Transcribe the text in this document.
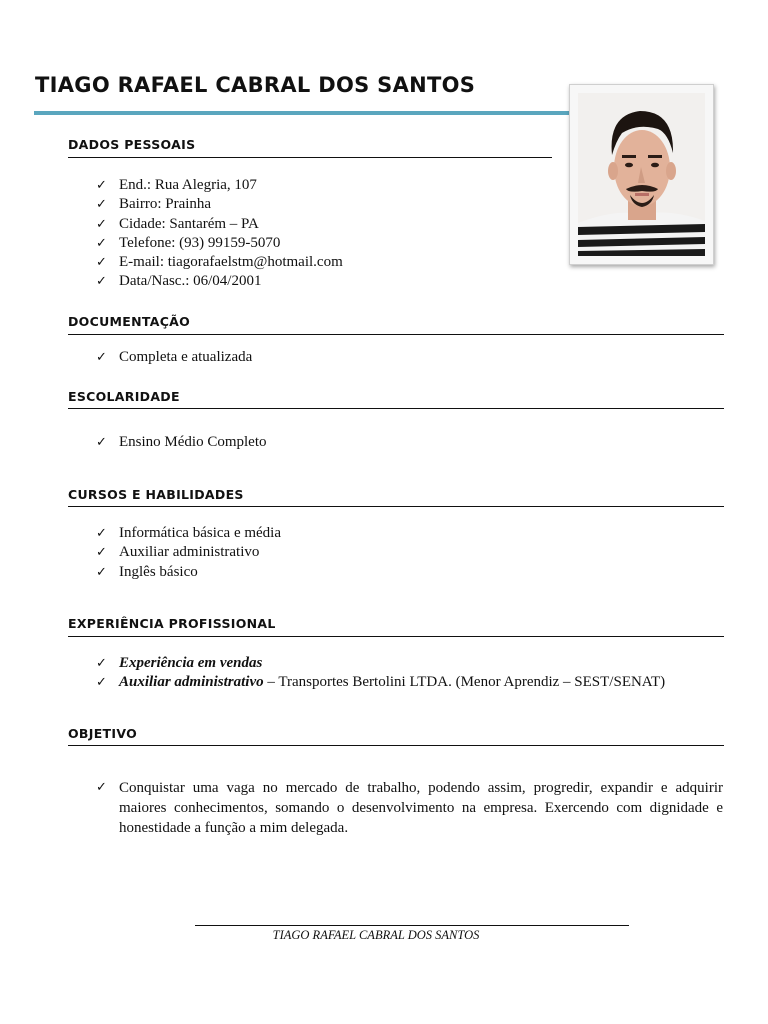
TIAGO RAFAEL CABRAL DOS SANTOS
DADOS PESSOAIS
✓ End.: Rua Alegria, 107
✓ Bairro: Prainha
✓ Cidade: Santarém – PA
✓ Telefone: (93) 99159-5070
✓ E-mail: tiagorafaelstm@hotmail.com
✓ Data/Nasc.: 06/04/2001
DOCUMENTAÇÃO
✓ Completa e atualizada
ESCOLARIDADE
✓ Ensino Médio Completo
CURSOS E HABILIDADES
✓ Informática básica e média
✓ Auxiliar administrativo
✓ Inglês básico
EXPERIÊNCIA PROFISSIONAL
✓ Experiência em vendas
✓ Auxiliar administrativo – Transportes Bertolini LTDA. (Menor Aprendiz – SEST/SENAT)
OBJETIVO
✓ Conquistar uma vaga no mercado de trabalho, podendo assim, progredir, expandir e adquirir maiores conhecimentos, somando o desenvolvimento na empresa. Exercendo com dignidade e honestidade a função a mim delegada.
TIAGO RAFAEL CABRAL DOS SANTOS
